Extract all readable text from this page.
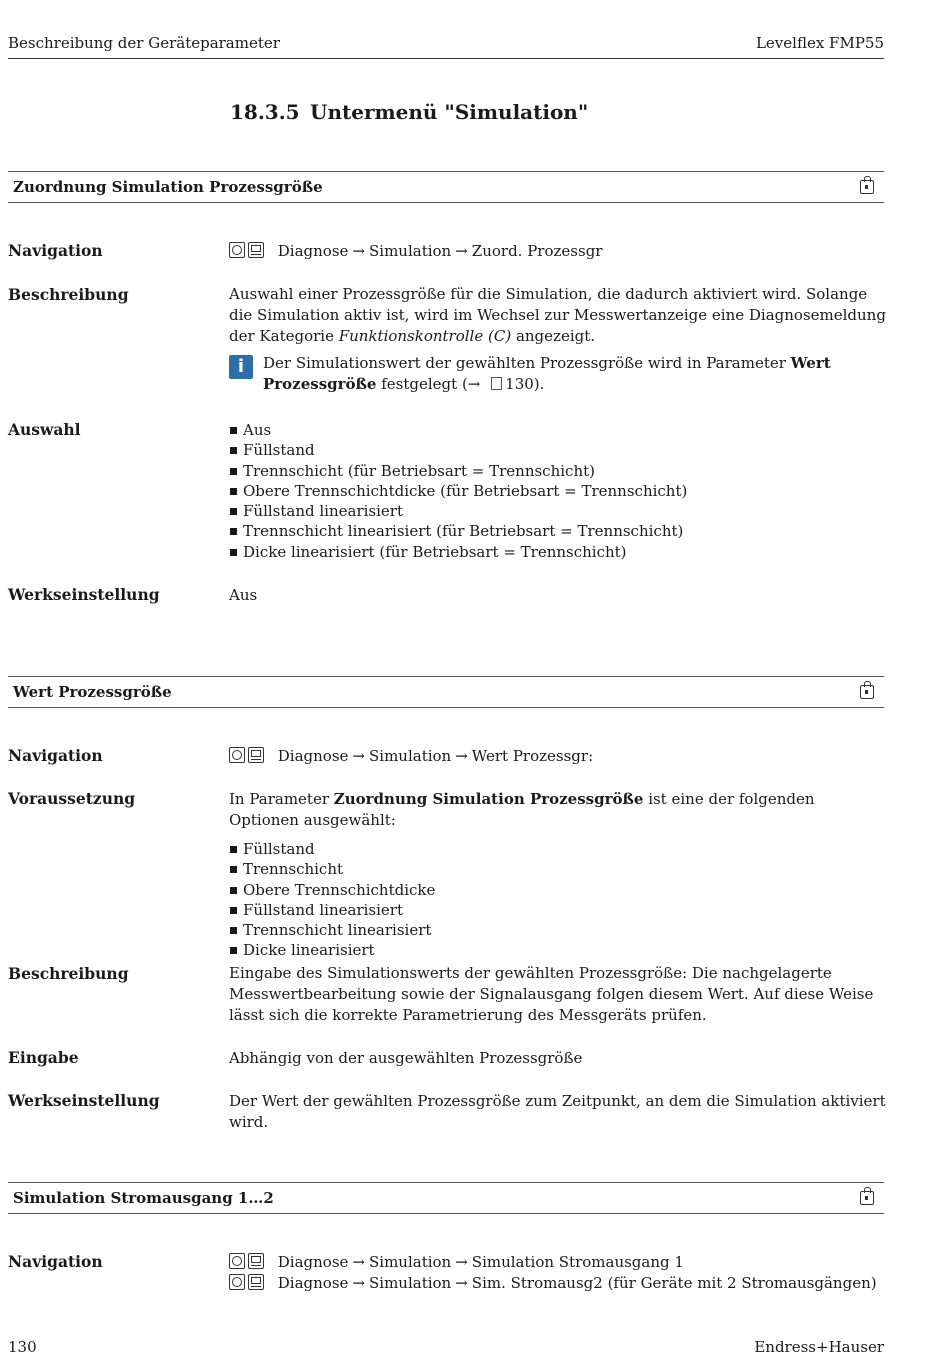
Beschreibung der Geräteparameter	Levelflex FMP55
18.3.5 Untermenü "Simulation"
Zuordnung Simulation Prozessgröße
Navigation	Diagnose → Simulation → Zuord. Prozessgr
Beschreibung	Auswahl einer Prozessgröße für die Simulation, die dadurch aktiviert wird. Solange die Simulation aktiv ist, wird im Wechsel zur Messwertanzeige eine Diagnosemeldung der Kategorie Funktionskontrolle (C) angezeigt.
i	Der Simulationswert der gewählten Prozessgröße wird in Parameter Wert Prozessgröße festgelegt (→ 130).
Auswahl	Aus
Füllstand
Trennschicht (für Betriebsart = Trennschicht)
Obere Trennschichtdicke (für Betriebsart = Trennschicht)
Füllstand linearisiert
Trennschicht linearisiert (für Betriebsart = Trennschicht)
Dicke linearisiert (für Betriebsart = Trennschicht)
Werkseinstellung	Aus
Wert Prozessgröße
Navigation	Diagnose → Simulation → Wert Prozessgr:
Voraussetzung	In Parameter Zuordnung Simulation Prozessgröße ist eine der folgenden Optionen ausgewählt:
Füllstand
Trennschicht
Obere Trennschichtdicke
Füllstand linearisiert
Trennschicht linearisiert
Dicke linearisiert
Beschreibung	Eingabe des Simulationswerts der gewählten Prozessgröße: Die nachgelagerte Messwertbearbeitung sowie der Signalausgang folgen diesem Wert. Auf diese Weise lässt sich die korrekte Parametrierung des Messgeräts prüfen.
Eingabe	Abhängig von der ausgewählten Prozessgröße
Werkseinstellung	Der Wert der gewählten Prozessgröße zum Zeitpunkt, an dem die Simulation aktiviert wird.
Simulation Stromausgang 1…2
Navigation	Diagnose → Simulation → Simulation Stromausgang 1
Diagnose → Simulation → Sim. Stromausg2 (für Geräte mit 2 Stromausgängen)
130	Endress+Hauser
